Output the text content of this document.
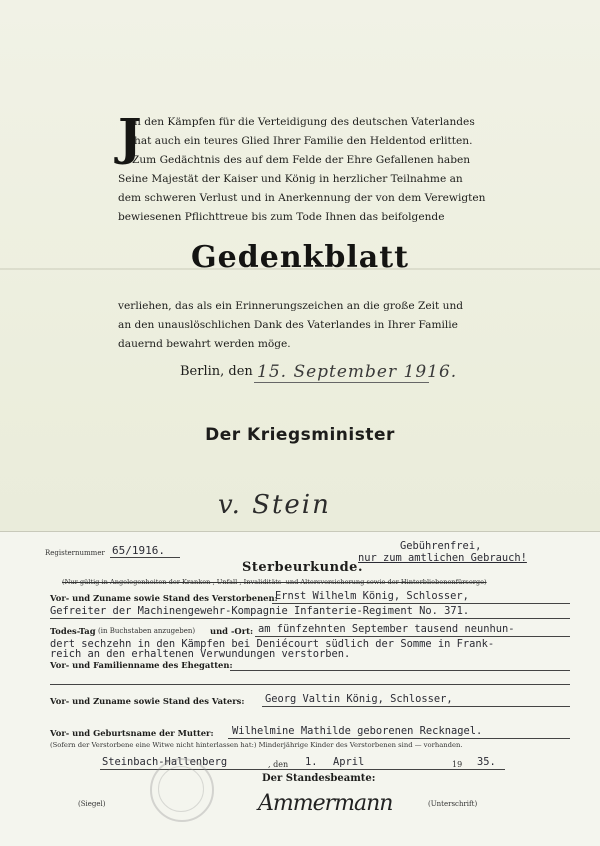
J
n den Kämpfen für die Verteidigung des deutschen Vaterlandes
hat auch ein teures Glied Ihrer Familie den Heldentod erlitten.
Zum Gedächtnis des auf dem Felde der Ehre Gefallenen haben
Seine Majestät der Kaiser und König in herzlicher Teilnahme an
dem schweren Verlust und in Anerkennung der von dem Verewigten
bewiesenen Pflichttreue bis zum Tode Ihnen das beifolgende
Gedenkblatt
verliehen, das als ein Erinnerungszeichen an die große Zeit und
an den unauslöschlichen Dank des Vaterlandes in Ihrer Familie
dauernd bewahrt werden möge.
Berlin, den 15. September 1916.
Der Kriegsminister
v. Stein
Registernummer 65/1916.	Gebührenfrei,
nur zum amtlichen Gebrauch!
Sterbeurkunde.
(Nur gültig in Angelegenheiten der Kranken-, Unfall-, Invaliditäts- und Altersversicherung sowie der Hinterbliebenenfürsorge)
Vor- und Zuname sowie Stand des Verstorbenen:
Ernst Wilhelm König, Schlosser,
Gefreiter der Machinengewehr-Kompagnie Infanterie-Regiment No. 371.
Todes-Tag (in Buchstaben anzugeben) und -Ort: am fünfzehnten September tausend neunhun-
dert sechzehn in den Kämpfen bei Deniécourt südlich der Somme in Frank-
reich an den erhaltenen Verwundungen verstorben.
Vor- und Familienname des Ehegatten:
Vor- und Zuname sowie Stand des Vaters: Georg Valtin König, Schlosser,
Vor- und Geburtsname der Mutter: Wilhelmine Mathilde geborenen Recknagel.
(Sofern der Verstorbene eine Witwe nicht hinterlassen hat:) Minderjährige Kinder des Verstorbenen sind — vorhanden.
Steinbach-Hallenberg	, den 1. April	19 35.
Der Standesbeamte:
(Siegel)	Ammermann	(Unterschrift)
